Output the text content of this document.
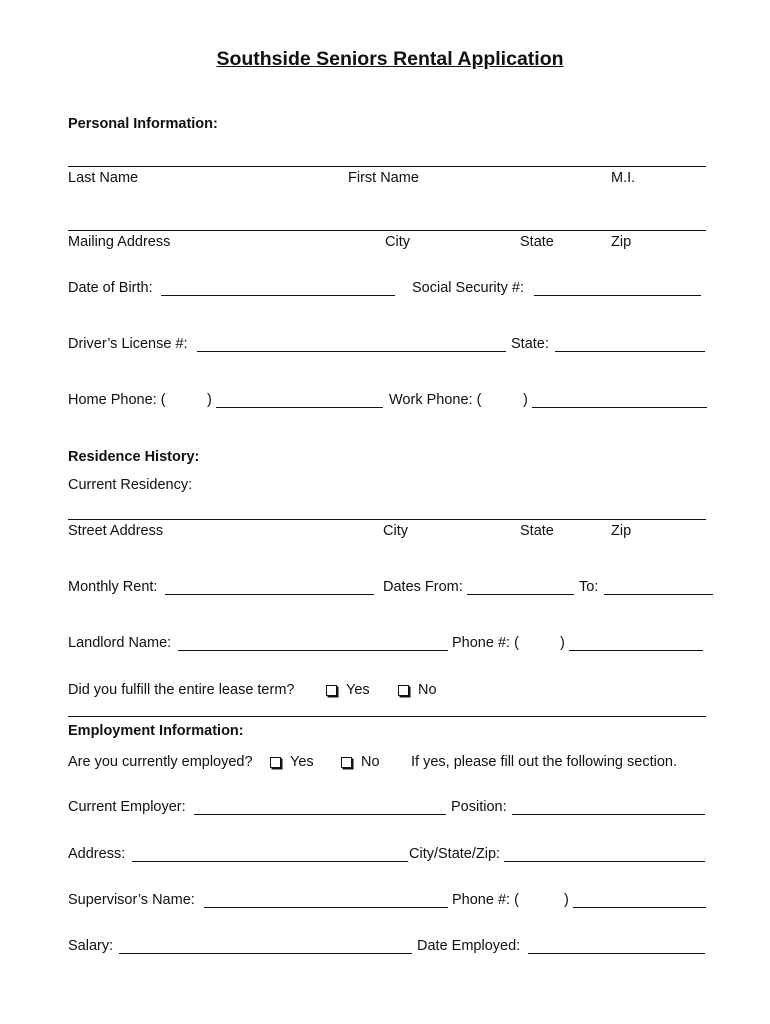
Southside Seniors Rental Application
Personal Information:
Last Name	First Name	M.I.
Mailing Address	City	State	Zip
Date of Birth:	Social Security #:
Driver’s License #:	State:
Home Phone: (	)	Work Phone: (	)
Residence History:
Current Residency:
Street Address	City	State	Zip
Monthly Rent:	Dates From:	To:
Landlord Name:	Phone #: (	)
Did you fulfill the entire lease term?	Yes	No
Employment Information:
Are you currently employed?	Yes	No If yes, please fill out the following section.
Current Employer:	Position:
Address:	City/State/Zip:
Supervisor’s Name:	Phone #: (	)
Salary:	Date Employed:
